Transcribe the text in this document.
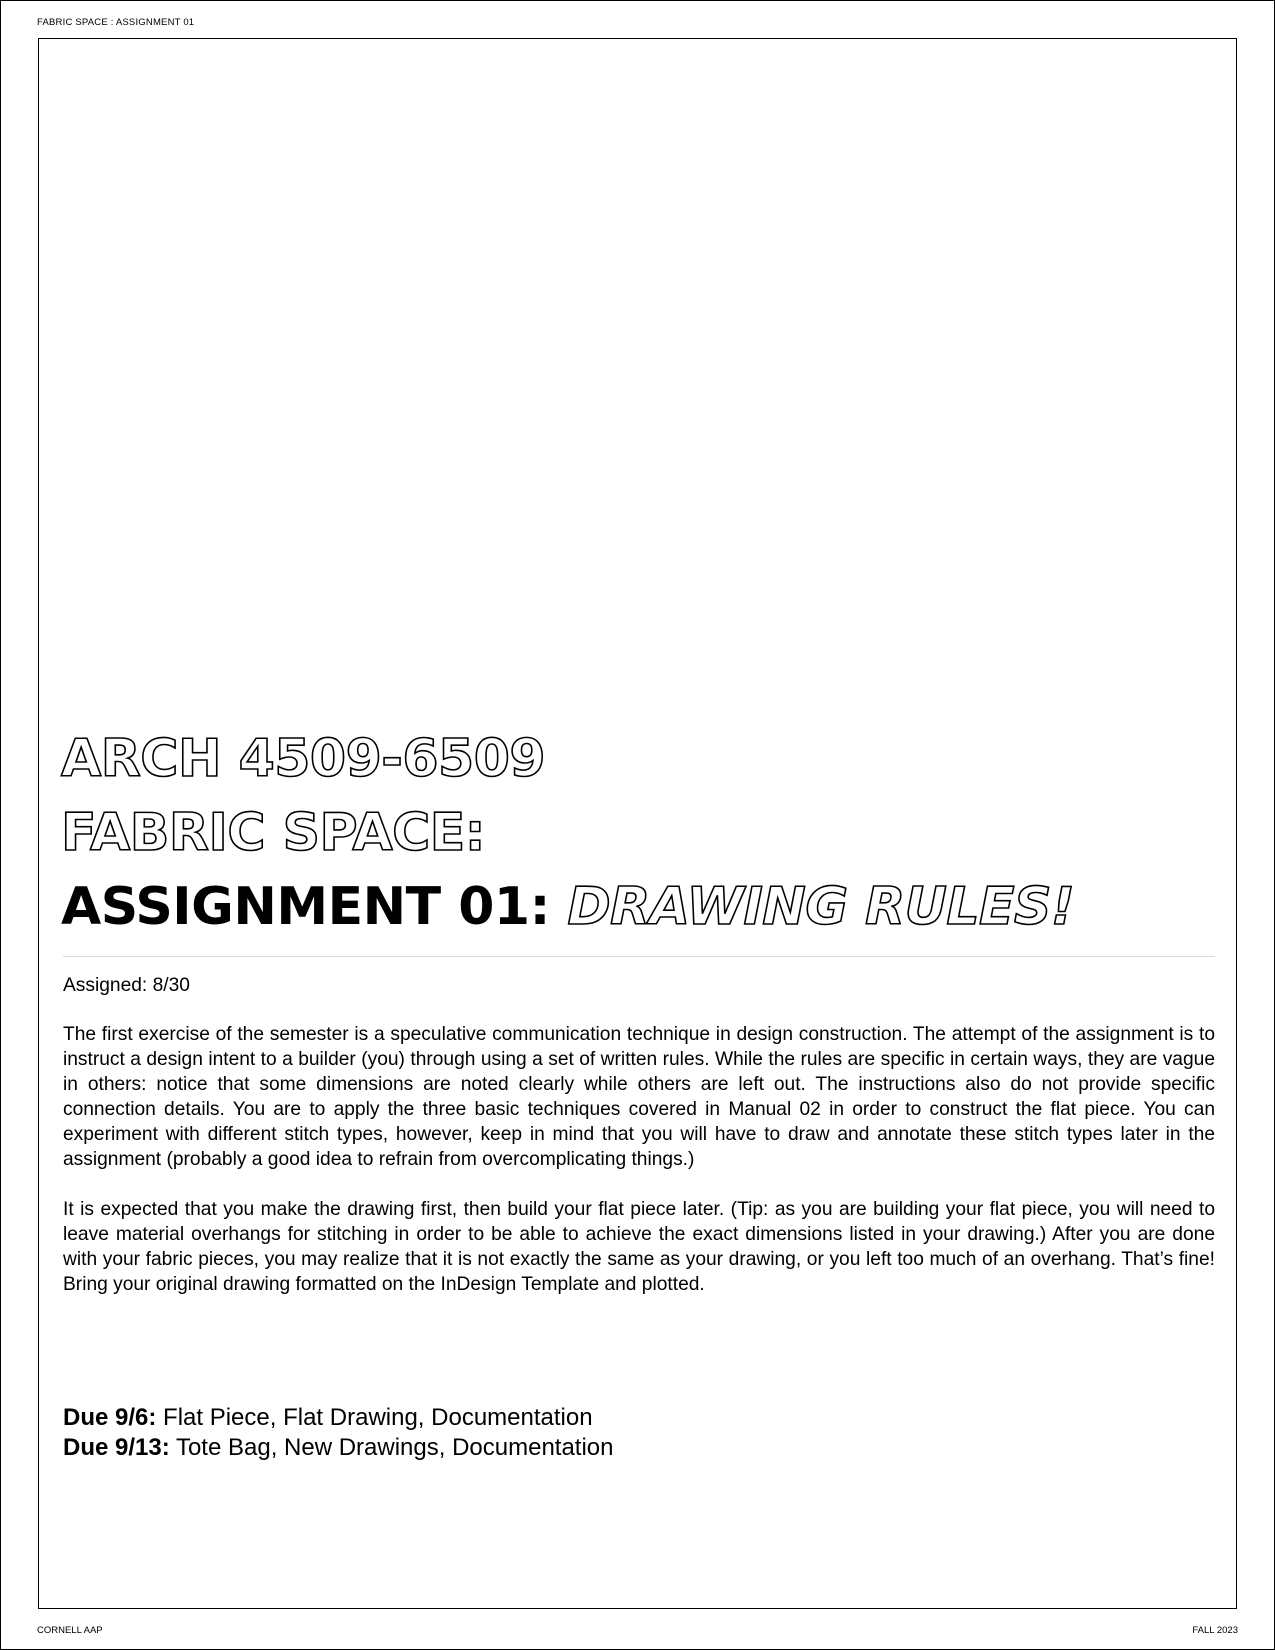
FABRIC SPACE : ASSIGNMENT 01
ARCH 4509-6509
FABRIC SPACE:
ASSIGNMENT 01: DRAWING RULES!

Assigned: 8/30

The first exercise of the semester is a speculative communication technique in design construction. The attempt of the assignment is to instruct a design intent to a builder (you) through using a set of written rules. While the rules are specific in certain ways, they are vague in others: notice that some dimensions are noted clearly while others are left out. The instructions also do not provide specific connection details. You are to apply the three basic techniques covered in Manual 02 in order to construct the flat piece. You can experiment with different stitch types, however, keep in mind that you will have to draw and annotate these stitch types later in the assignment (probably a good idea to refrain from overcomplicating things.)

It is expected that you make the drawing first, then build your flat piece later. (Tip: as you are building your flat piece, you will need to leave material overhangs for stitching in order to be able to achieve the exact dimensions listed in your drawing.) After you are done with your fabric pieces, you may realize that it is not exactly the same as your drawing, or you left too much of an overhang. That’s fine! Bring your original drawing formatted on the InDesign Template and plotted.

Due 9/6: Flat Piece, Flat Drawing, Documentation
Due 9/13: Tote Bag, New Drawings, Documentation
CORNELL AAP	FALL 2023
